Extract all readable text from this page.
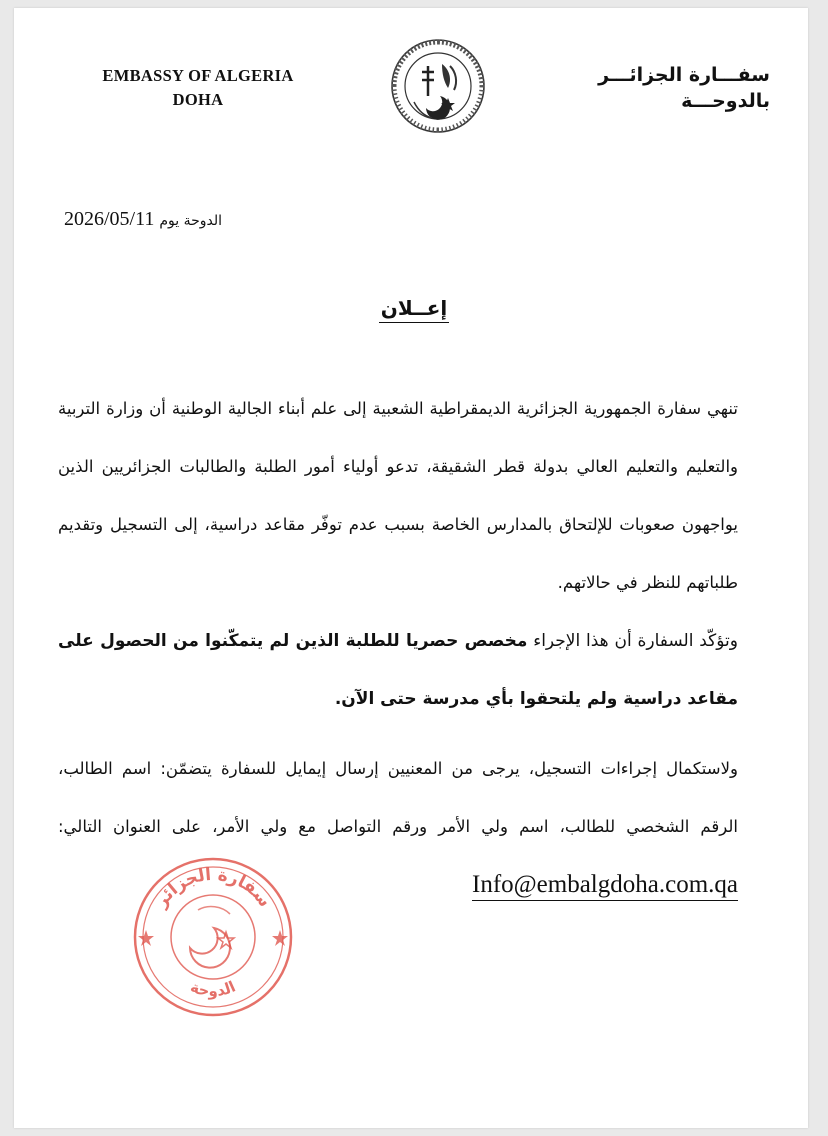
EMBASSY OF ALGERIA
DOHA
سفـــارة الجزائـــر
بالدوحـــة
الدوحة يوم 2026/05/11
إعــلان
تنهي سفارة الجمهورية الجزائرية الديمقراطية الشعبية إلى علم أبناء الجالية الوطنية أن وزارة التربية والتعليم والتعليم العالي بدولة قطر الشقيقة، تدعو أولياء أمور الطلبة والطالبات الجزائريين الذين يواجهون صعوبات للإلتحاق بالمدارس الخاصة بسبب عدم توفّر مقاعد دراسية، إلى التسجيل وتقديم طلباتهم للنظر في حالاتهم.
وتؤكّد السفارة أن هذا الإجراء مخصص حصريا للطلبة الذين لم يتمكّنوا من الحصول على مقاعد دراسية ولم يلتحقوا بأي مدرسة حتى الآن.
ولاستكمال إجراءات التسجيل، يرجى من المعنيين إرسال إيمايل للسفارة يتضمّن: اسم الطالب، الرقم الشخصي للطالب، اسم ولي الأمر ورقم التواصل مع ولي الأمر، على العنوان التالي: Info@embalgdoha.com.qa
سفارة الجزائر
الدوحة
